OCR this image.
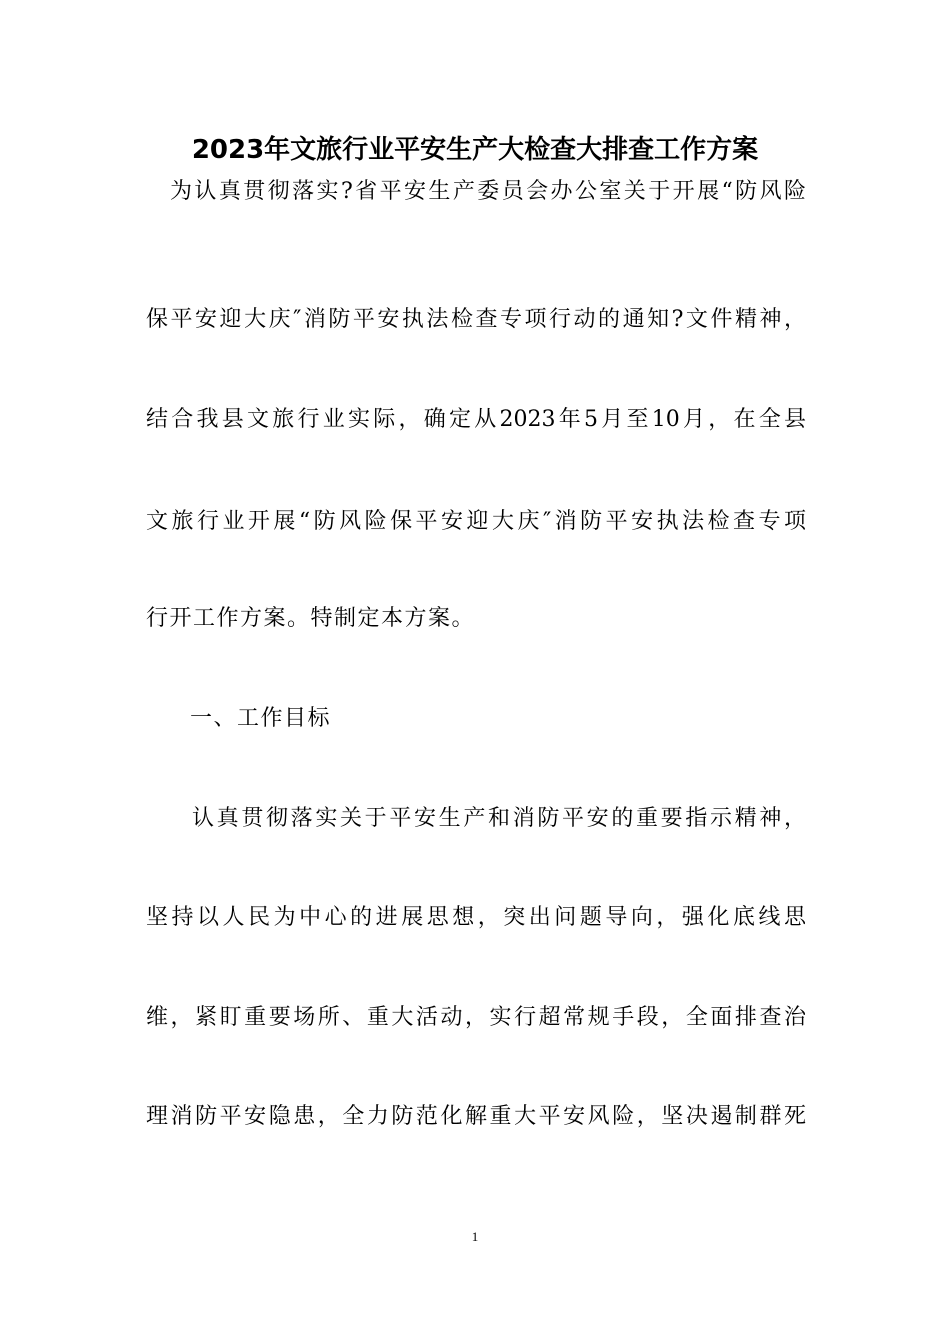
2023年文旅行业平安生产大检查大排查工作方案
为认真贯彻落实?省平安生产委员会办公室关于开展“防风险
保平安迎大庆″消防平安执法检查专项行动的通知?文件精神，
结合我县文旅行业实际，确定从2023年5月至10月，在全县
文旅行业开展“防风险保平安迎大庆″消防平安执法检查专项
行开工作方案。特制定本方案。
一、工作目标
认真贯彻落实关于平安生产和消防平安的重要指示精神，
坚持以人民为中心的进展思想，突出问题导向，强化底线思
维，紧盯重要场所、重大活动，实行超常规手段，全面排查治
理消防平安隐患，全力防范化解重大平安风险，坚决遏制群死
1
